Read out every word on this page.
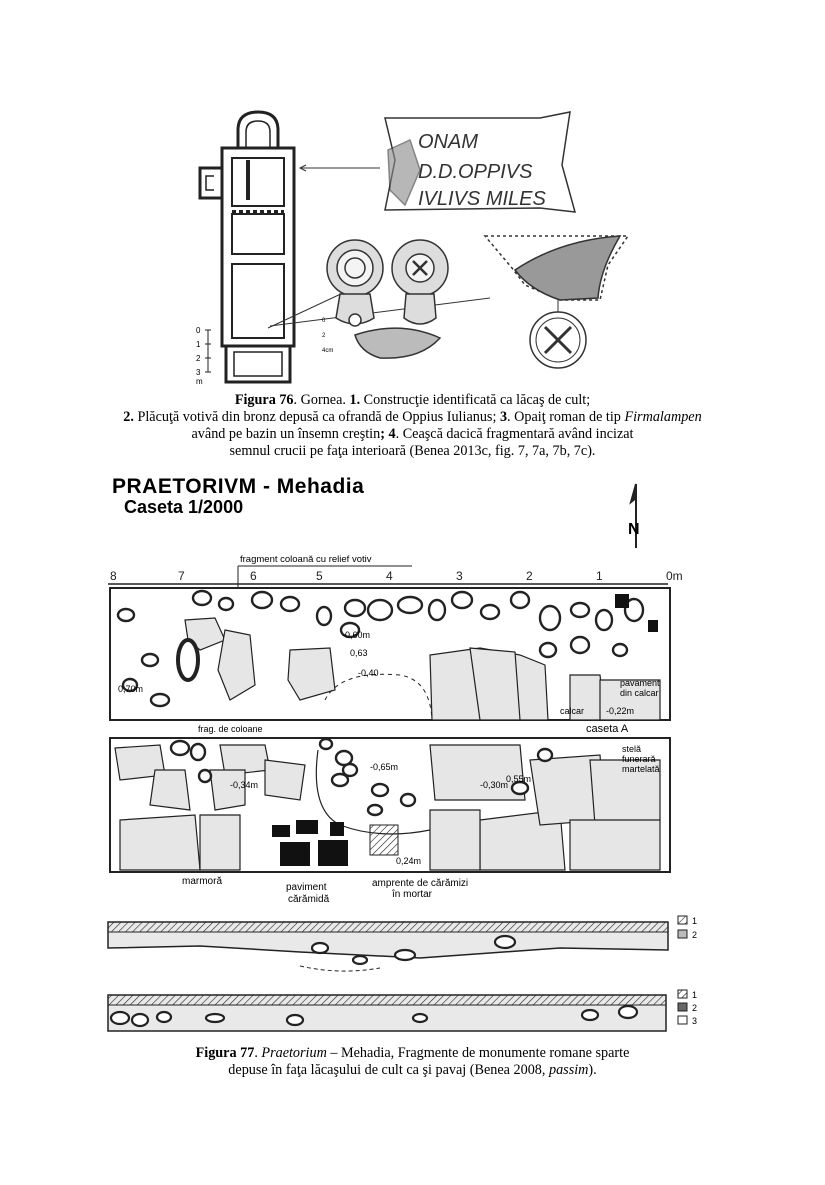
0
1
2
3
m
ONAM
D.D.OPPIVS
IVLIVS MILES
0
2
4cm
Figura 76. Gornea. 1. Construcţie identificată ca lăcaş de cult;
2. Plăcuţă votivă din bronz depusă ca ofrandă de Oppius Iulianus; 3. Opaiţ roman de tip Firmalampen
având pe bazin un însemn creştin; 4. Ceaşcă dacică fragmentară având incizat
semnul crucii pe faţa interioară (Benea 2013c, fig. 7, 7a, 7b, 7c).
PRAETORIVM - Mehadia
Caseta 1/2000
N
8	7	6	5	4	3	2	1	0m
fragment coloană cu relief votiv
-0,60m
0,63
-0,40
pavament
din calcar
calcar -0,22m
0,70m
frag. de coloane	caseta A
-0,65m
0,55m
-0,30m
-0,34m
0,24m
stelă
funerară
martelată
marmoră
paviment
cărămidă
amprente de cărămizi
în mortar
1
2
1
2
3
Figura 77. Praetorium – Mehadia, Fragmente de monumente romane sparte
depuse în faţa lăcaşului de cult ca şi pavaj (Benea 2008, passim).
